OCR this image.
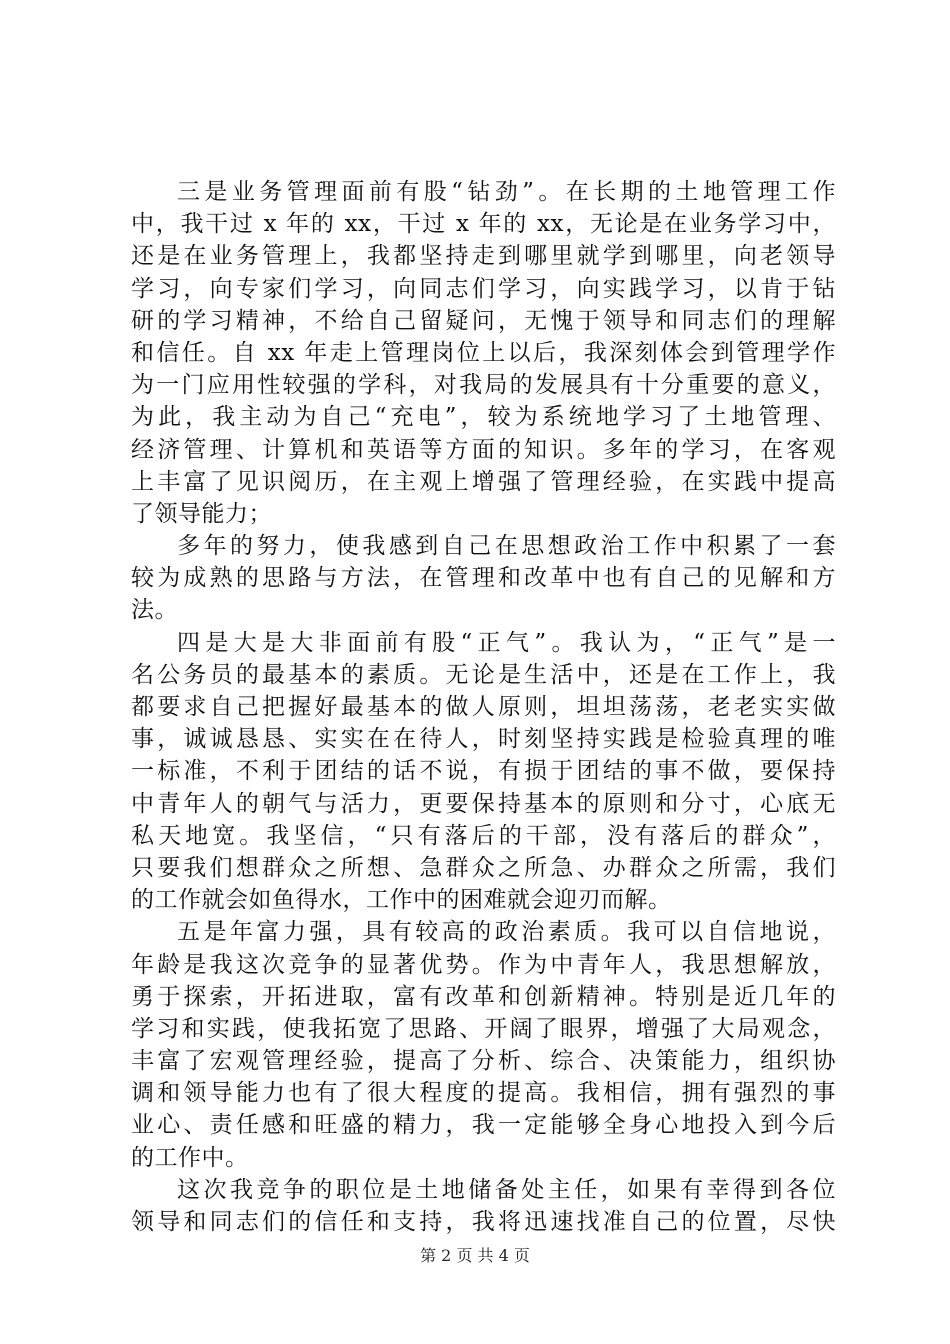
三是业务管理面前有股“钻劲”。在长期的土地管理工作
中，我干过 x 年的 xx，干过 x 年的 xx，无论是在业务学习中，
还是在业务管理上，我都坚持走到哪里就学到哪里，向老领导
学习，向专家们学习，向同志们学习，向实践学习，以肯于钻
研的学习精神，不给自己留疑问，无愧于领导和同志们的理解
和信任。自 xx 年走上管理岗位上以后，我深刻体会到管理学作
为一门应用性较强的学科，对我局的发展具有十分重要的意义，
为此，我主动为自己“充电”，较为系统地学习了土地管理、
经济管理、计算机和英语等方面的知识。多年的学习，在客观
上丰富了见识阅历，在主观上增强了管理经验，在实践中提高
了领导能力；
多年的努力，使我感到自己在思想政治工作中积累了一套
较为成熟的思路与方法，在管理和改革中也有自己的见解和方
法。
四是大是大非面前有股“正气”。我认为，“正气”是一
名公务员的最基本的素质。无论是生活中，还是在工作上，我
都要求自己把握好最基本的做人原则，坦坦荡荡，老老实实做
事，诚诚恳恳、实实在在待人，时刻坚持实践是检验真理的唯
一标准，不利于团结的话不说，有损于团结的事不做，要保持
中青年人的朝气与活力，更要保持基本的原则和分寸，心底无
私天地宽。我坚信，“只有落后的干部，没有落后的群众”，
只要我们想群众之所想、急群众之所急、办群众之所需，我们
的工作就会如鱼得水，工作中的困难就会迎刃而解。
五是年富力强，具有较高的政治素质。我可以自信地说，
年龄是我这次竞争的显著优势。作为中青年人，我思想解放，
勇于探索，开拓进取，富有改革和创新精神。特别是近几年的
学习和实践，使我拓宽了思路、开阔了眼界，增强了大局观念，
丰富了宏观管理经验，提高了分析、综合、决策能力，组织协
调和领导能力也有了很大程度的提高。我相信，拥有强烈的事
业心、责任感和旺盛的精力，我一定能够全身心地投入到今后
的工作中。
这次我竞争的职位是土地储备处主任，如果有幸得到各位
领导和同志们的信任和支持，我将迅速找准自己的位置，尽快
第 2 页 共 4 页
